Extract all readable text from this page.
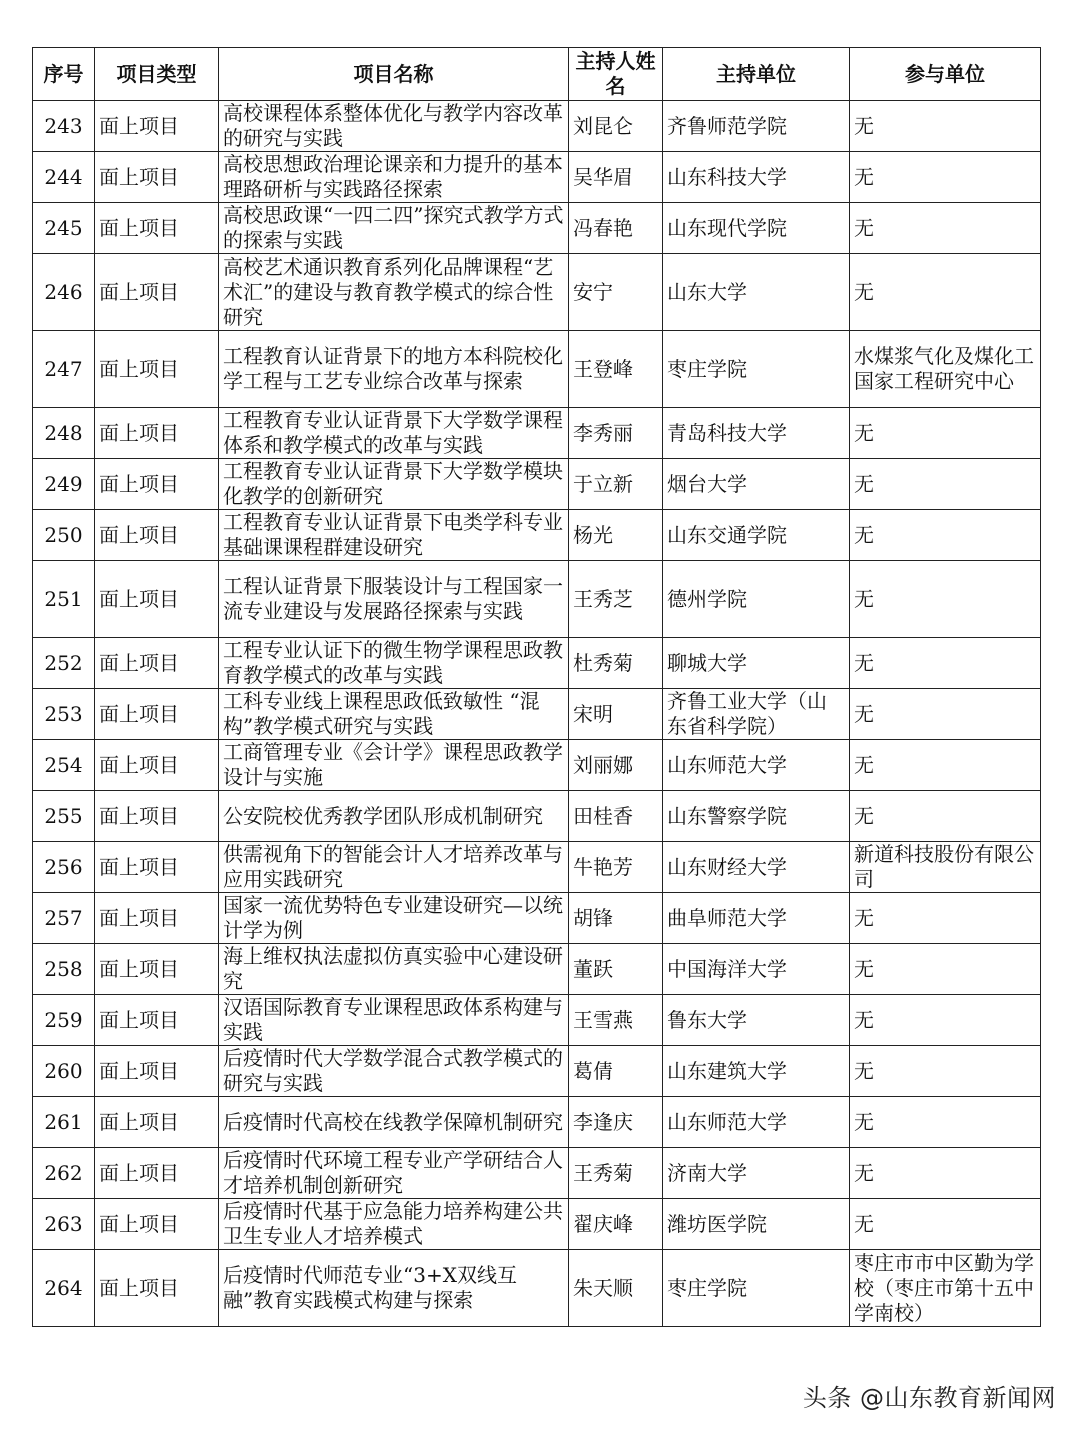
序号	项目类型	项目名称	主持人姓名	主持单位	参与单位
243	面上项目	高校课程体系整体优化与教学内容改革的研究与实践	刘昆仑	齐鲁师范学院	无
244	面上项目	高校思想政治理论课亲和力提升的基本理路研析与实践路径探索	吴华眉	山东科技大学	无
245	面上项目	高校思政课“一四二四”探究式教学方式的探索与实践	冯春艳	山东现代学院	无
246	面上项目	高校艺术通识教育系列化品牌课程“艺术汇”的建设与教育教学模式的综合性研究	安宁	山东大学	无
247	面上项目	工程教育认证背景下的地方本科院校化学工程与工艺专业综合改革与探索	王登峰	枣庄学院	水煤浆气化及煤化工国家工程研究中心
248	面上项目	工程教育专业认证背景下大学数学课程体系和教学模式的改革与实践	李秀丽	青岛科技大学	无
249	面上项目	工程教育专业认证背景下大学数学模块化教学的创新研究	于立新	烟台大学	无
250	面上项目	工程教育专业认证背景下电类学科专业基础课课程群建设研究	杨光	山东交通学院	无
251	面上项目	工程认证背景下服装设计与工程国家一流专业建设与发展路径探索与实践	王秀芝	德州学院	无
252	面上项目	工程专业认证下的微生物学课程思政教育教学模式的改革与实践	杜秀菊	聊城大学	无
253	面上项目	工科专业线上课程思政低致敏性 “混构”教学模式研究与实践	宋明	齐鲁工业大学（山东省科学院）	无
254	面上项目	工商管理专业《会计学》课程思政教学设计与实施	刘丽娜	山东师范大学	无
255	面上项目	公安院校优秀教学团队形成机制研究	田桂香	山东警察学院	无
256	面上项目	供需视角下的智能会计人才培养改革与应用实践研究	牛艳芳	山东财经大学	新道科技股份有限公司
257	面上项目	国家一流优势特色专业建设研究—以统计学为例	胡锋	曲阜师范大学	无
258	面上项目	海上维权执法虚拟仿真实验中心建设研究	董跃	中国海洋大学	无
259	面上项目	汉语国际教育专业课程思政体系构建与实践	王雪燕	鲁东大学	无
260	面上项目	后疫情时代大学数学混合式教学模式的研究与实践	葛倩	山东建筑大学	无
261	面上项目	后疫情时代高校在线教学保障机制研究	李逢庆	山东师范大学	无
262	面上项目	后疫情时代环境工程专业产学研结合人才培养机制创新研究	王秀菊	济南大学	无
263	面上项目	后疫情时代基于应急能力培养构建公共卫生专业人才培养模式	翟庆峰	潍坊医学院	无
264	面上项目	后疫情时代师范专业“3+X双线互融”教育实践模式构建与探索	朱天顺	枣庄学院	枣庄市市中区勤为学校（枣庄市第十五中学南校）
头条 @山东教育新闻网
